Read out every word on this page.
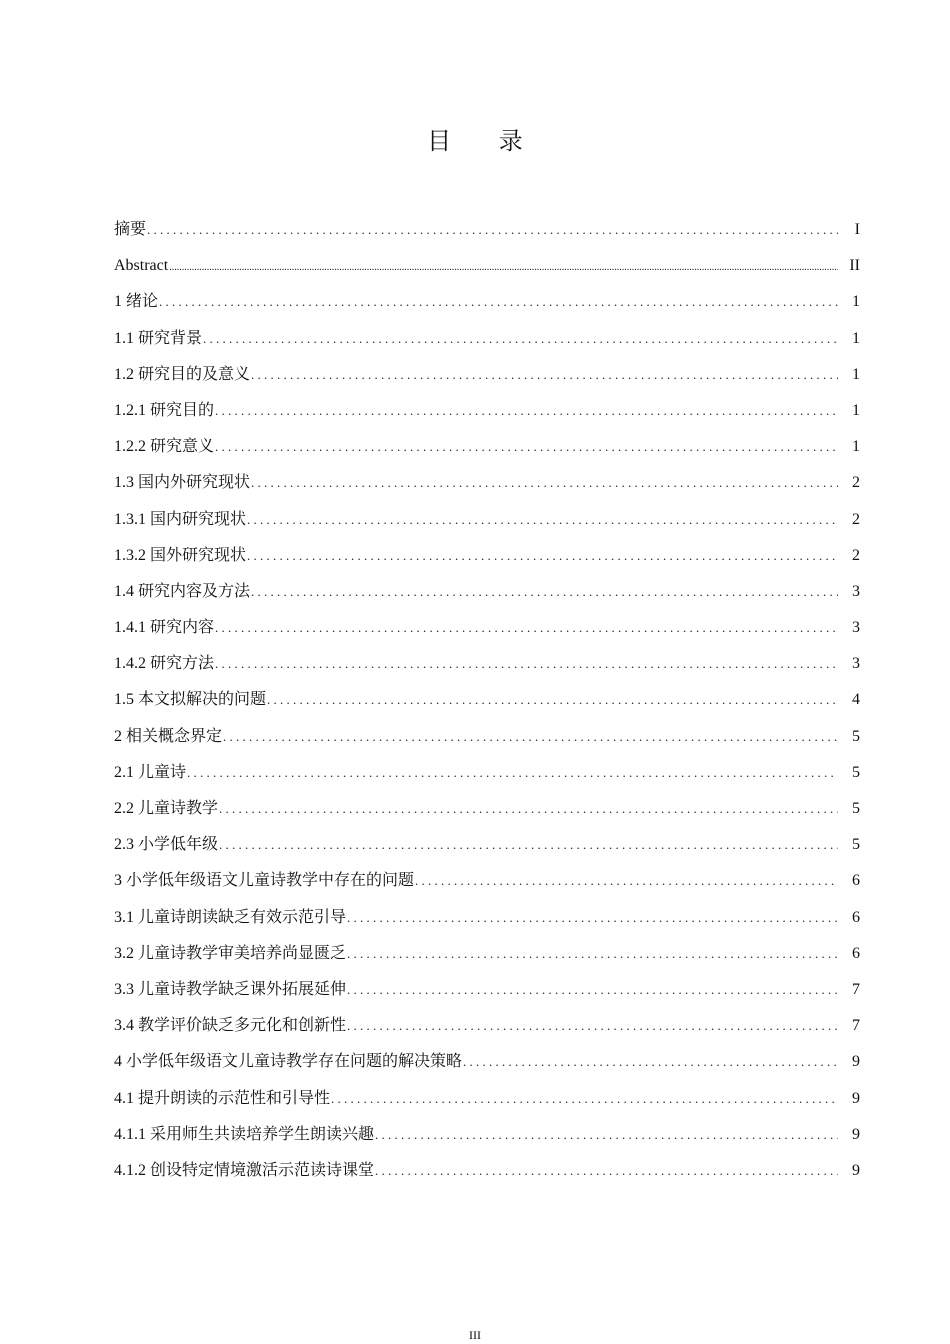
目 录
摘要 . . .	I
Abstract .....	II
1 绪论 . . .	1
1.1 研究背景 . . .	1
1.2 研究目的及意义 . . .	1
1.2.1 研究目的 . . .	1
1.2.2 研究意义 . . .	1
1.3 国内外研究现状 . . .	2
1.3.1 国内研究现状 . . .	2
1.3.2 国外研究现状 . . .	2
1.4 研究内容及方法 . . .	3
1.4.1 研究内容 . . .	3
1.4.2 研究方法 . . .	3
1.5 本文拟解决的问题 . . .	4
2 相关概念界定 . . .	5
2.1 儿童诗 . . .	5
2.2 儿童诗教学 . . .	5
2.3 小学低年级 . . .	5
3 小学低年级语文儿童诗教学中存在的问题 . . .	6
3.1 儿童诗朗读缺乏有效示范引导 . . .	6
3.2 儿童诗教学审美培养尚显匮乏 . . .	6
3.3 儿童诗教学缺乏课外拓展延伸 . . .	7
3.4 教学评价缺乏多元化和创新性 . . .	7
4 小学低年级语文儿童诗教学存在问题的解决策略 . . .	9
4.1 提升朗读的示范性和引导性 . . .	9
4.1.1 采用师生共读培养学生朗读兴趣 . . .	9
4.1.2 创设特定情境激活示范读诗课堂 . . .	9
III
